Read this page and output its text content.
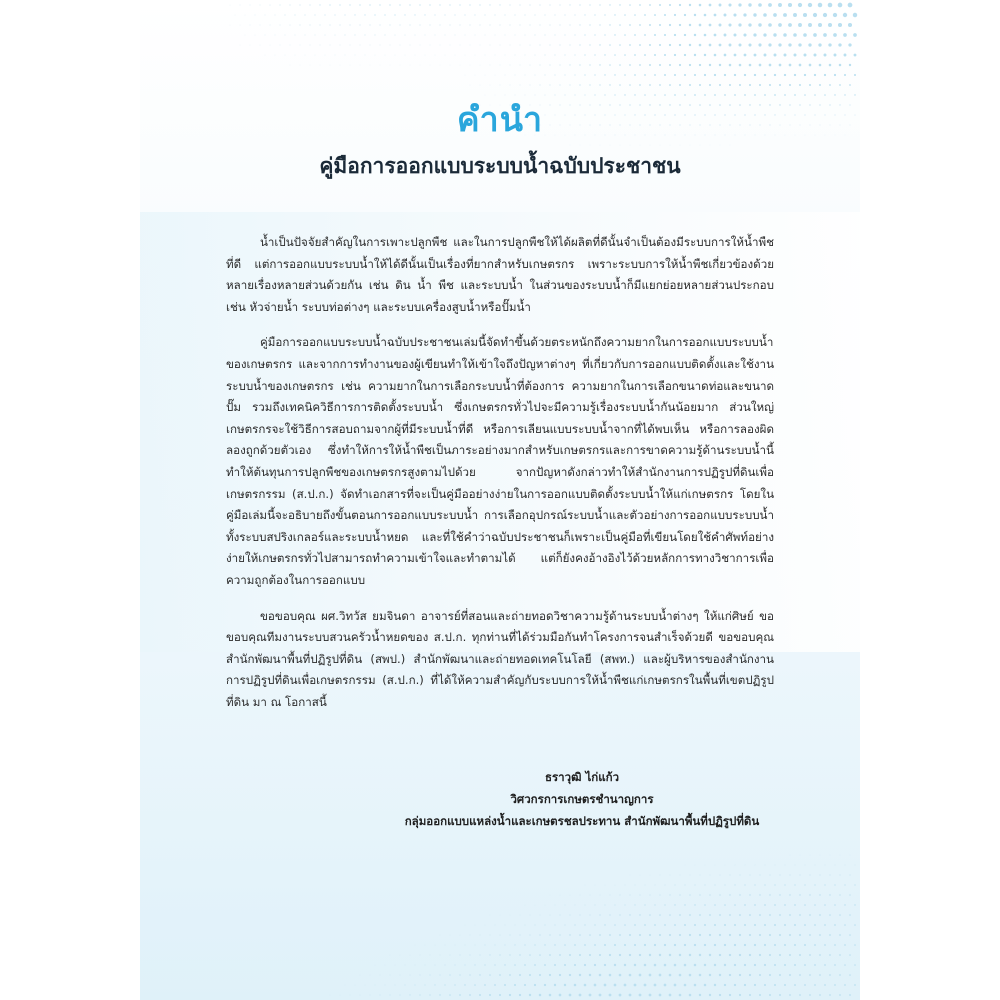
คำนำ
คู่มือการออกแบบระบบน้ำฉบับประชาชน

น้ำเป็นปัจจัยสำคัญในการเพาะปลูกพืช และในการปลูกพืชให้ได้ผลิตที่ดีนั้นจำเป็นต้องมีระบบการให้น้ำพืชที่ดี แต่การออกแบบระบบน้ำให้ได้ดีนั้นเป็นเรื่องที่ยากสำหรับเกษตรกร เพราะระบบการให้น้ำพืชเกี่ยวข้องด้วยหลายเรื่องหลายส่วนด้วยกัน เช่น ดิน น้ำ พืช และระบบน้ำ ในส่วนของระบบน้ำก็มีแยกย่อยหลายส่วนประกอบ เช่น หัวจ่ายน้ำ ระบบท่อต่างๆ และระบบเครื่องสูบน้ำหรือปั๊มน้ำ

คู่มือการออกแบบระบบน้ำฉบับประชาชนเล่มนี้จัดทำขึ้นด้วยตระหนักถึงความยากในการออกแบบระบบน้ำของเกษตรกร และจากการทำงานของผู้เขียนทำให้เข้าใจถึงปัญหาต่างๆ ที่เกี่ยวกับการออกแบบติดตั้งและใช้งานระบบน้ำของเกษตรกร เช่น ความยากในการเลือกระบบน้ำที่ต้องการ ความยากในการเลือกขนาดท่อและขนาดปั๊ม รวมถึงเทคนิควิธีการการติดตั้งระบบน้ำ ซึ่งเกษตรกรทั่วไปจะมีความรู้เรื่องระบบน้ำกันน้อยมาก ส่วนใหญ่เกษตรกรจะใช้วิธีการสอบถามจากผู้ที่มีระบบน้ำที่ดี หรือการเลียนแบบระบบน้ำจากที่ได้พบเห็น หรือการลองผิดลองถูกด้วยตัวเอง ซึ่งทำให้การให้น้ำพืชเป็นภาระอย่างมากสำหรับเกษตรกรและการขาดความรู้ด้านระบบน้ำนี้ทำให้ต้นทุนการปลูกพืชของเกษตรกรสูงตามไปด้วย จากปัญหาดังกล่าวทำให้สำนักงานการปฏิรูปที่ดินเพื่อเกษตรกรรม (ส.ป.ก.) จัดทำเอกสารที่จะเป็นคู่มืออย่างง่ายในการออกแบบติดตั้งระบบน้ำให้แก่เกษตรกร โดยในคู่มือเล่มนี้จะอธิบายถึงขั้นตอนการออกแบบระบบน้ำ การเลือกอุปกรณ์ระบบน้ำและตัวอย่างการออกแบบระบบน้ำทั้งระบบสปริงเกลอร์และระบบน้ำหยด และที่ใช้คำว่าฉบับประชาชนก็เพราะเป็นคู่มือที่เขียนโดยใช้คำศัพท์อย่างง่ายให้เกษตรกรทั่วไปสามารถทำความเข้าใจและทำตามได้ แต่ก็ยังคงอ้างอิงไว้ด้วยหลักการทางวิชาการเพื่อความถูกต้องในการออกแบบ

ขอขอบคุณ ผศ.วิทวัส ยมจินดา อาจารย์ที่สอนและถ่ายทอดวิชาความรู้ด้านระบบน้ำต่างๆ ให้แก่ศิษย์ ขอขอบคุณทีมงานระบบสวนครัวน้ำหยดของ ส.ป.ก. ทุกท่านที่ได้ร่วมมือกันทำโครงการจนสำเร็จด้วยดี ขอขอบคุณสำนักพัฒนาพื้นที่ปฏิรูปที่ดิน (สพป.) สำนักพัฒนาและถ่ายทอดเทคโนโลยี (สพท.) และผู้บริหารของสำนักงานการปฏิรูปที่ดินเพื่อเกษตรกรรม (ส.ป.ก.) ที่ได้ให้ความสำคัญกับระบบการให้น้ำพืชแก่เกษตรกรในพื้นที่เขตปฏิรูปที่ดิน มา ณ โอกาสนี้

ธราวุฒิ ไก่แก้ว
วิศวกรการเกษตรชำนาญการ
กลุ่มออกแบบแหล่งน้ำและเกษตรชลประทาน สำนักพัฒนาพื้นที่ปฏิรูปที่ดิน
